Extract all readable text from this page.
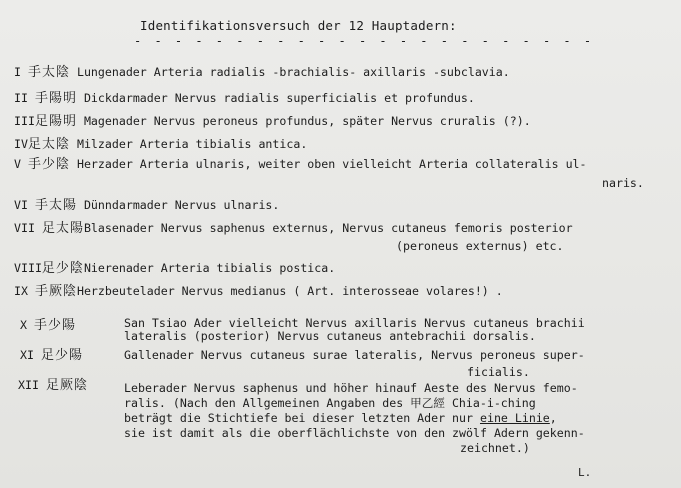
Identifikationsversuch der 12 Hauptadern:
- - - - - - - - - - - - - - - - - - - - - - -
I 手太陰 Lungenader Arteria radialis -brachialis- axillaris -subclavia.
II 手陽明 Dickdarmader Nervus radialis superficialis et profundus.
III足陽明 Magenader Nervus peroneus profundus, später Nervus cruralis (?).
IV足太陰 Milzader Arteria tibialis antica.
V 手少陰 Herzader Arteria ulnaris, weiter oben vielleicht Arteria collateralis ul-
naris.
VI 手太陽 Dünndarmader Nervus ulnaris.
VII 足太陽Blasenader Nervus saphenus externus, Nervus cutaneus femoris posterior
(peroneus externus) etc.
VIII足少陰Nierenader Arteria tibialis postica.
IX 手厥陰Herzbeutelader Nervus medianus ( Art. interosseae volares!) .
X 手少陽	San Tsiao Ader vielleicht Nervus axillaris Nervus cutaneus brachii
lateralis (posterior) Nervus cutaneus antebrachii dorsalis.
XI 足少陽	Gallenader Nervus cutaneus surae lateralis, Nervus peroneus super-
ficialis.
XII 足厥陰	Leberader Nervus saphenus und höher hinauf Aeste des Nervus femo-
ralis. (Nach den Allgemeinen Angaben des 甲乙經 Chia-i-ching
beträgt die Stichtiefe bei dieser letzten Ader nur eine Linie,
sie ist damit als die oberflächlichste von den zwölf Adern gekenn-
zeichnet.)
L.
